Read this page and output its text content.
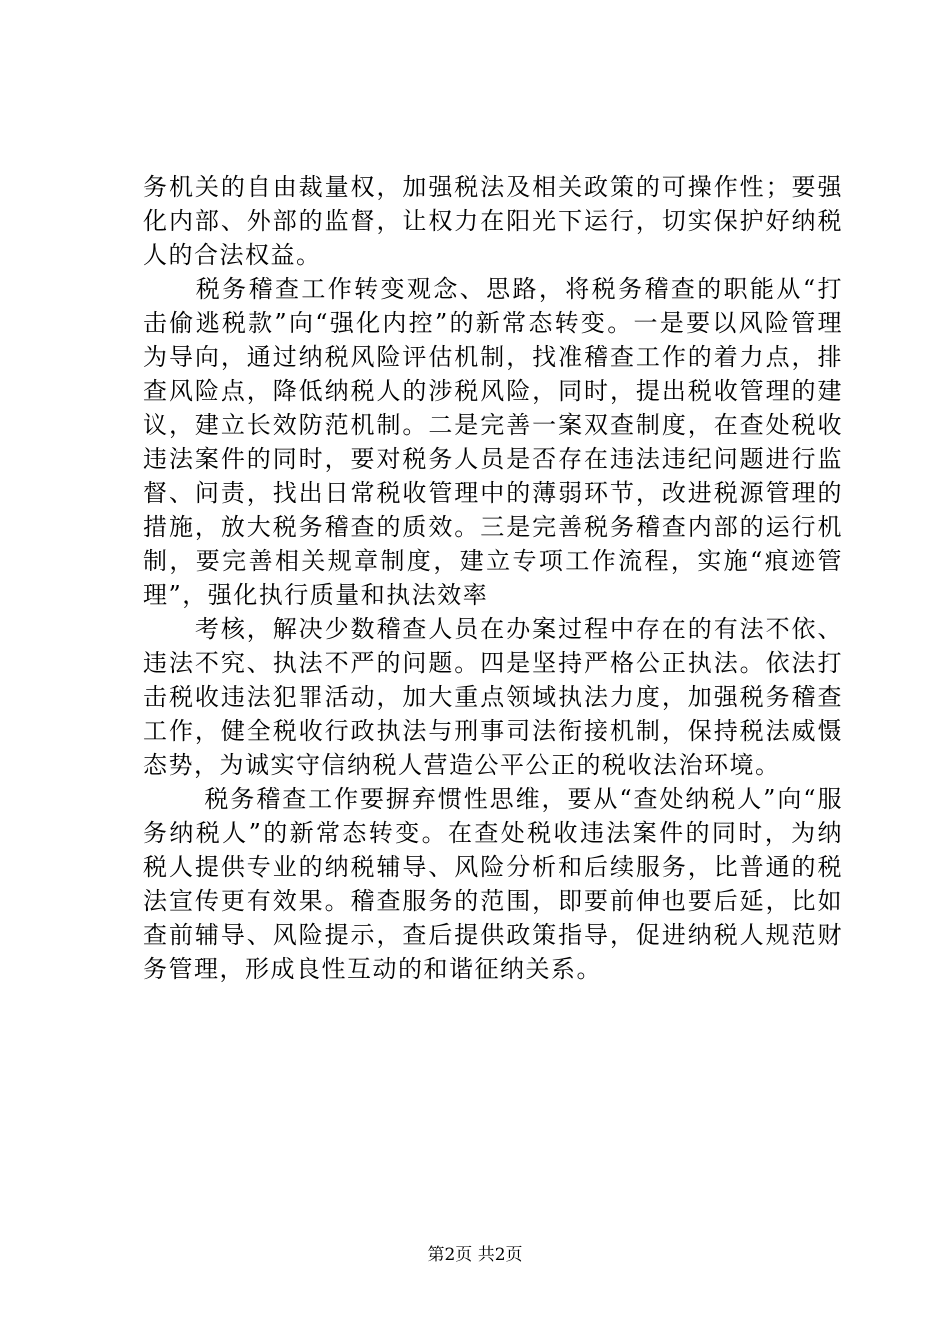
务机关的自由裁量权，加强税法及相关政策的可操作性；要强化内部、外部的监督，让权力在阳光下运行，切实保护好纳税人的合法权益。

　　税务稽查工作转变观念、思路，将税务稽查的职能从“打击偷逃税款”向“强化内控”的新常态转变。一是要以风险管理为导向，通过纳税风险评估机制，找准稽查工作的着力点，排查风险点，降低纳税人的涉税风险，同时，提出税收管理的建议，建立长效防范机制。二是完善一案双查制度，在查处税收违法案件的同时，要对税务人员是否存在违法违纪问题进行监督、问责，找出日常税收管理中的薄弱环节，改进税源管理的措施，放大税务稽查的质效。三是完善税务稽查内部的运行机制，要完善相关规章制度，建立专项工作流程，实施“痕迹管理”，强化执行质量和执法效率

　　考核，解决少数稽查人员在办案过程中存在的有法不依、违法不究、执法不严的问题。四是坚持严格公正执法。依法打击税收违法犯罪活动，加大重点领域执法力度，加强税务稽查工作，健全税收行政执法与刑事司法衔接机制，保持税法威慑态势，为诚实守信纳税人营造公平公正的税收法治环境。

　　 税务稽查工作要摒弃惯性思维，要从“查处纳税人”向“服务纳税人”的新常态转变。在查处税收违法案件的同时，为纳税人提供专业的纳税辅导、风险分析和后续服务，比普通的税法宣传更有效果。稽查服务的范围，即要前伸也要后延，比如查前辅导、风险提示，查后提供政策指导，促进纳税人规范财务管理，形成良性互动的和谐征纳关系。

第2页 共2页
